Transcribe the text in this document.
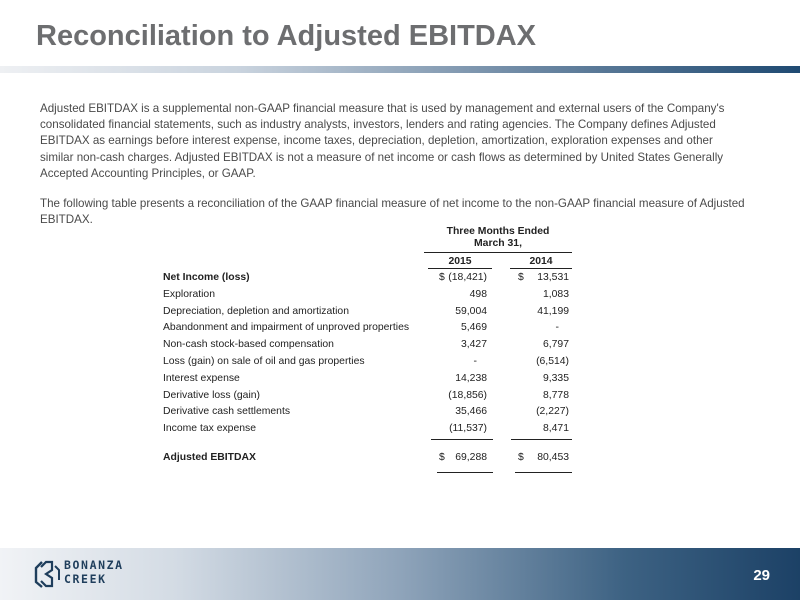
Reconciliation to Adjusted EBITDAX

Adjusted EBITDAX is a supplemental non-GAAP financial measure that is used by management and external users of the Company's consolidated financial statements, such as industry analysts, investors, lenders and rating agencies. The Company defines Adjusted EBITDAX as earnings before interest expense, income taxes, depreciation, depletion, amortization, exploration expenses and other similar non-cash charges. Adjusted EBITDAX is not a measure of net income or cash flows as determined by United States Generally Accepted Accounting Principles, or GAAP.

The following table presents a reconciliation of the GAAP financial measure of net income to the non-GAAP financial measure of Adjusted EBITDAX.

Three Months Ended
March 31,
2015	2014
Net Income (loss)	$ (18,421)	$ 13,531
Exploration	498	1,083
Depreciation, depletion and amortization	59,004	41,199
Abandonment and impairment of unproved properties	5,469	-
Non-cash stock-based compensation	3,427	6,797
Loss (gain) on sale of oil and gas properties	-	(6,514)
Interest expense	14,238	9,335
Derivative loss (gain)	(18,856)	8,778
Derivative cash settlements	35,466	(2,227)
Income tax expense	(11,537)	8,471
Adjusted EBITDAX	$ 69,288	$ 80,453
BONANZA
CREEK	29
